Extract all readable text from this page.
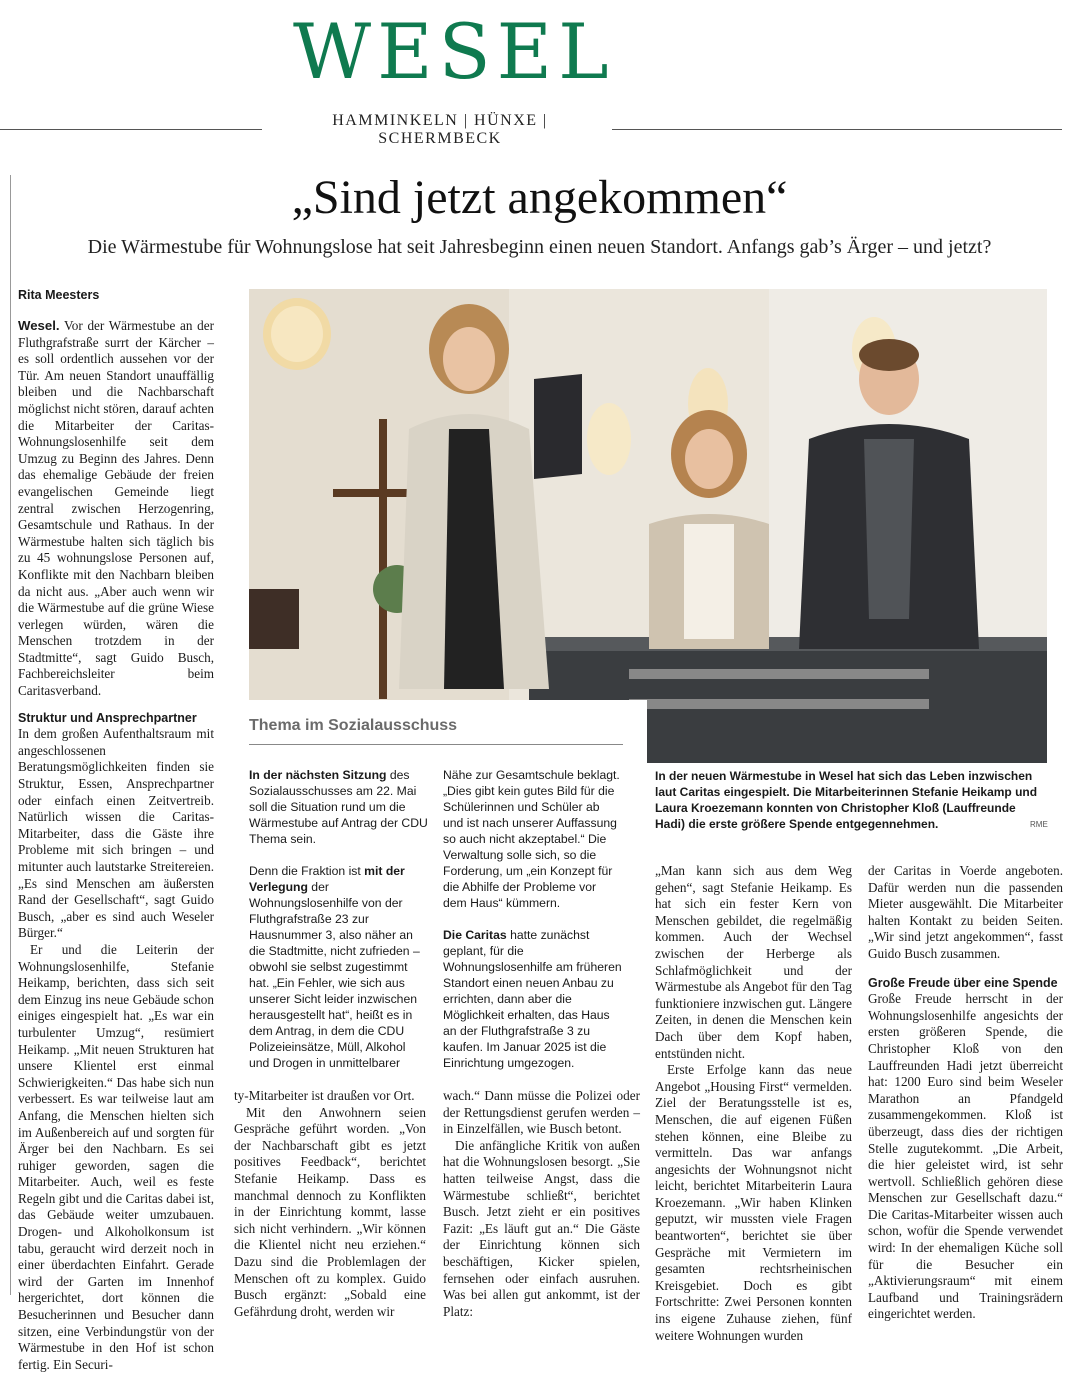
WESEL
HAMMINKELN | HÜNXE | SCHERMBECK
„Sind jetzt angekommen“
Die Wärmestube für Wohnungslose hat seit Jahresbeginn einen neuen Standort. Anfangs gab’s Ärger – und jetzt?
Rita Meesters

Wesel. Vor der Wärmestube an der Fluthgrafstraße surrt der Kärcher – es soll ordentlich aussehen vor der Tür. Am neuen Standort unauffällig bleiben und die Nachbarschaft möglichst nicht stören, darauf achten die Mitarbeiter der Caritas-Wohnungslosenhilfe seit dem Umzug zu Beginn des Jahres. Denn das ehemalige Gebäude der freien evangelischen Gemeinde liegt zentral zwischen Herzogenring, Gesamtschule und Rathaus. In der Wärmestube halten sich täglich bis zu 45 wohnungslose Personen auf, Konflikte mit den Nachbarn bleiben da nicht aus. „Aber auch wenn wir die Wärmestube auf die grüne Wiese verlegen würden, wären die Menschen trotzdem in der Stadtmitte“, sagt Guido Busch, Fachbereichsleiter beim Caritasverband.

Struktur und Ansprechpartner

In dem großen Aufenthaltsraum mit angeschlossenen Beratungsmöglichkeiten finden sie Struktur, Essen, Ansprechpartner oder einfach einen Zeitvertreib. Natürlich wissen die Caritas-Mitarbeiter, dass die Gäste ihre Probleme mit sich bringen – und mitunter auch lautstarke Streitereien. „Es sind Menschen am äußersten Rand der Gesellschaft“, sagt Guido Busch, „aber es sind auch Weseler Bürger.“

Er und die Leiterin der Wohnungslosenhilfe, Stefanie Heikamp, berichten, dass sich seit dem Einzug ins neue Gebäude schon einiges eingespielt hat. „Es war ein turbulenter Umzug“, resümiert Heikamp. „Mit neuen Strukturen hat unsere Klientel erst einmal Schwierigkeiten.“ Das habe sich nun verbessert. Es war teilweise laut am Anfang, die Menschen hielten sich im Außenbereich auf und sorgten für Ärger bei den Nachbarn. Es sei ruhiger geworden, sagen die Mitarbeiter. Auch, weil es feste Regeln gibt und die Caritas dabei ist, das Gebäude weiter umzubauen. Drogen- und Alkoholkonsum ist tabu, geraucht wird derzeit noch in einer überdachten Einfahrt. Gerade wird der Garten im Innenhof hergerichtet, dort können die Besucherinnen und Besucher dann sitzen, eine Verbindungstür von der Wärmestube in den Hof ist schon fertig. Ein Securi-

Thema im Sozialausschuss

In der nächsten Sitzung des Sozialausschusses am 22. Mai soll die Situation rund um die Wärmestube auf Antrag der CDU Thema sein.

Denn die Fraktion ist mit der Verlegung der Wohnungslosenhilfe von der Fluthgrafstraße 23 zur Hausnummer 3, also näher an die Stadtmitte, nicht zufrieden – obwohl sie selbst zugestimmt hat. „Ein Fehler, wie sich aus unserer Sicht leider inzwischen herausgestellt hat“, heißt es in dem Antrag, in dem die CDU Polizeieinsätze, Müll, Alkohol und Drogen in unmittelbarer

Nähe zur Gesamtschule beklagt. „Dies gibt kein gutes Bild für die Schülerinnen und Schüler ab und ist nach unserer Auffassung so auch nicht akzeptabel.“ Die Verwaltung solle sich, so die Forderung, um „ein Konzept für die Abhilfe der Probleme vor dem Haus“ kümmern.

Die Caritas hatte zunächst geplant, für die Wohnungslosenhilfe am früheren Standort einen neuen Anbau zu errichten, dann aber die Möglichkeit erhalten, das Haus an der Fluthgrafstraße 3 zu kaufen. Im Januar 2025 ist die Einrichtung umgezogen.

In der neuen Wärmestube in Wesel hat sich das Leben inzwischen laut Caritas eingespielt. Die Mitarbeiterinnen Stefanie Heikamp und Laura Kroezemann konnten von Christopher Kloß (Lauffreunde Hadi) die erste größere Spende entgegennehmen.	RME

ty-Mitarbeiter ist draußen vor Ort.

Mit den Anwohnern seien Gespräche geführt worden. „Von der Nachbarschaft gibt es jetzt positives Feedback“, berichtet Stefanie Heikamp. Dass es manchmal dennoch zu Konflikten in der Einrichtung kommt, lasse sich nicht verhindern. „Wir können die Klientel nicht neu erziehen.“ Dazu sind die Problemlagen der Menschen oft zu komplex. Guido Busch ergänzt: „Sobald eine Gefährdung droht, werden wir

wach.“ Dann müsse die Polizei oder der Rettungsdienst gerufen werden – in Einzelfällen, wie Busch betont.

Die anfängliche Kritik von außen hat die Wohnungslosen besorgt. „Sie hatten teilweise Angst, dass die Wärmestube schließt“, berichtet Busch. Jetzt zieht er ein positives Fazit: „Es läuft gut an.“ Die Gäste der Einrichtung können sich beschäftigen, Kicker spielen, fernsehen oder einfach ausruhen. Was bei allen gut ankommt, ist der Platz:

„Man kann sich aus dem Weg gehen“, sagt Stefanie Heikamp. Es hat sich ein fester Kern von Menschen gebildet, die regelmäßig kommen. Auch der Wechsel zwischen der Herberge als Schlafmöglichkeit und der Wärmestube als Angebot für den Tag funktioniere inzwischen gut. Längere Zeiten, in denen die Menschen kein Dach über dem Kopf haben, entstünden nicht.

Erste Erfolge kann das neue Angebot „Housing First“ vermelden. Ziel der Beratungsstelle ist es, Menschen, die auf eigenen Füßen stehen können, eine Bleibe zu vermitteln. Das war anfangs angesichts der Wohnungsnot nicht leicht, berichtet Mitarbeiterin Laura Kroezemann. „Wir haben Klinken geputzt, wir mussten viele Fragen beantworten“, berichtet sie über Gespräche mit Vermietern im gesamten rechtsrheinischen Kreisgebiet. Doch es gibt Fortschritte: Zwei Personen konnten ins eigene Zuhause ziehen, fünf weitere Wohnungen wurden

der Caritas in Voerde angeboten. Dafür werden nun die passenden Mieter ausgewählt. Die Mitarbeiter halten Kontakt zu beiden Seiten. „Wir sind jetzt angekommen“, fasst Guido Busch zusammen.

Große Freude über eine Spende

Große Freude herrscht in der Wohnungslosenhilfe angesichts der ersten größeren Spende, die Christopher Kloß von den Lauffreunden Hadi jetzt überreicht hat: 1200 Euro sind beim Weseler Marathon an Pfandgeld zusammengekommen. Kloß ist überzeugt, dass dies der richtigen Stelle zugutekommt. „Die Arbeit, die hier geleistet wird, ist sehr wertvoll. Schließlich gehören diese Menschen zur Gesellschaft dazu.“ Die Caritas-Mitarbeiter wissen auch schon, wofür die Spende verwendet wird: In der ehemaligen Küche soll für die Besucher ein „Aktivierungsraum“ mit einem Laufband und Trainingsrädern eingerichtet werden.
